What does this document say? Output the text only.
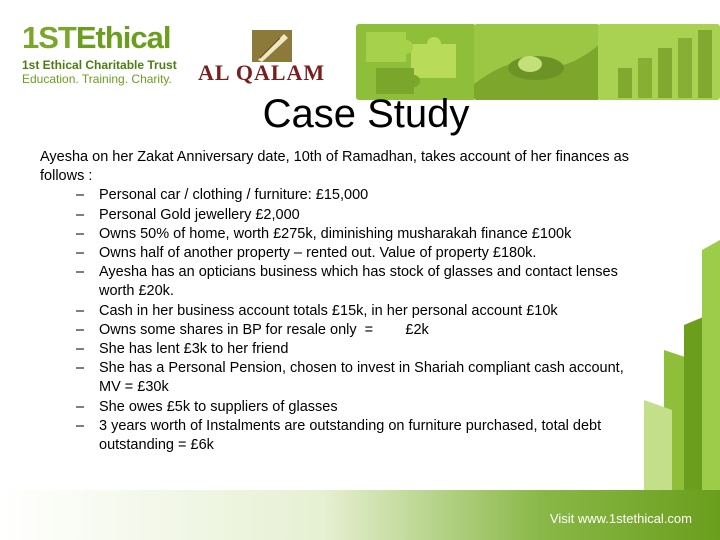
1STEthical
1st Ethical Charitable Trust
Education. Training. Charity.	AL QALAM
Visit www.1stethical.com
Case Study

Ayesha on her Zakat Anniversary date, 10th of Ramadhan, takes account of her finances as follows :

– Personal car / clothing / furniture: £15,000
– Personal Gold jewellery £2,000
– Owns 50% of home, worth £275k, diminishing musharakah finance £100k
– Owns half of another property – rented out. Value of property £180k.
– Ayesha has an opticians business which has stock of glasses and contact lenses worth £20k.
– Cash in her business account totals £15k, in her personal account £10k
– Owns some shares in BP for resale only  =        £2k
– She has lent £3k to her friend
– She has a Personal Pension, chosen to invest in Shariah compliant cash account, MV = £30k
– She owes £5k to suppliers of glasses
– 3 years worth of Instalments are outstanding on furniture purchased, total debt outstanding = £6k
